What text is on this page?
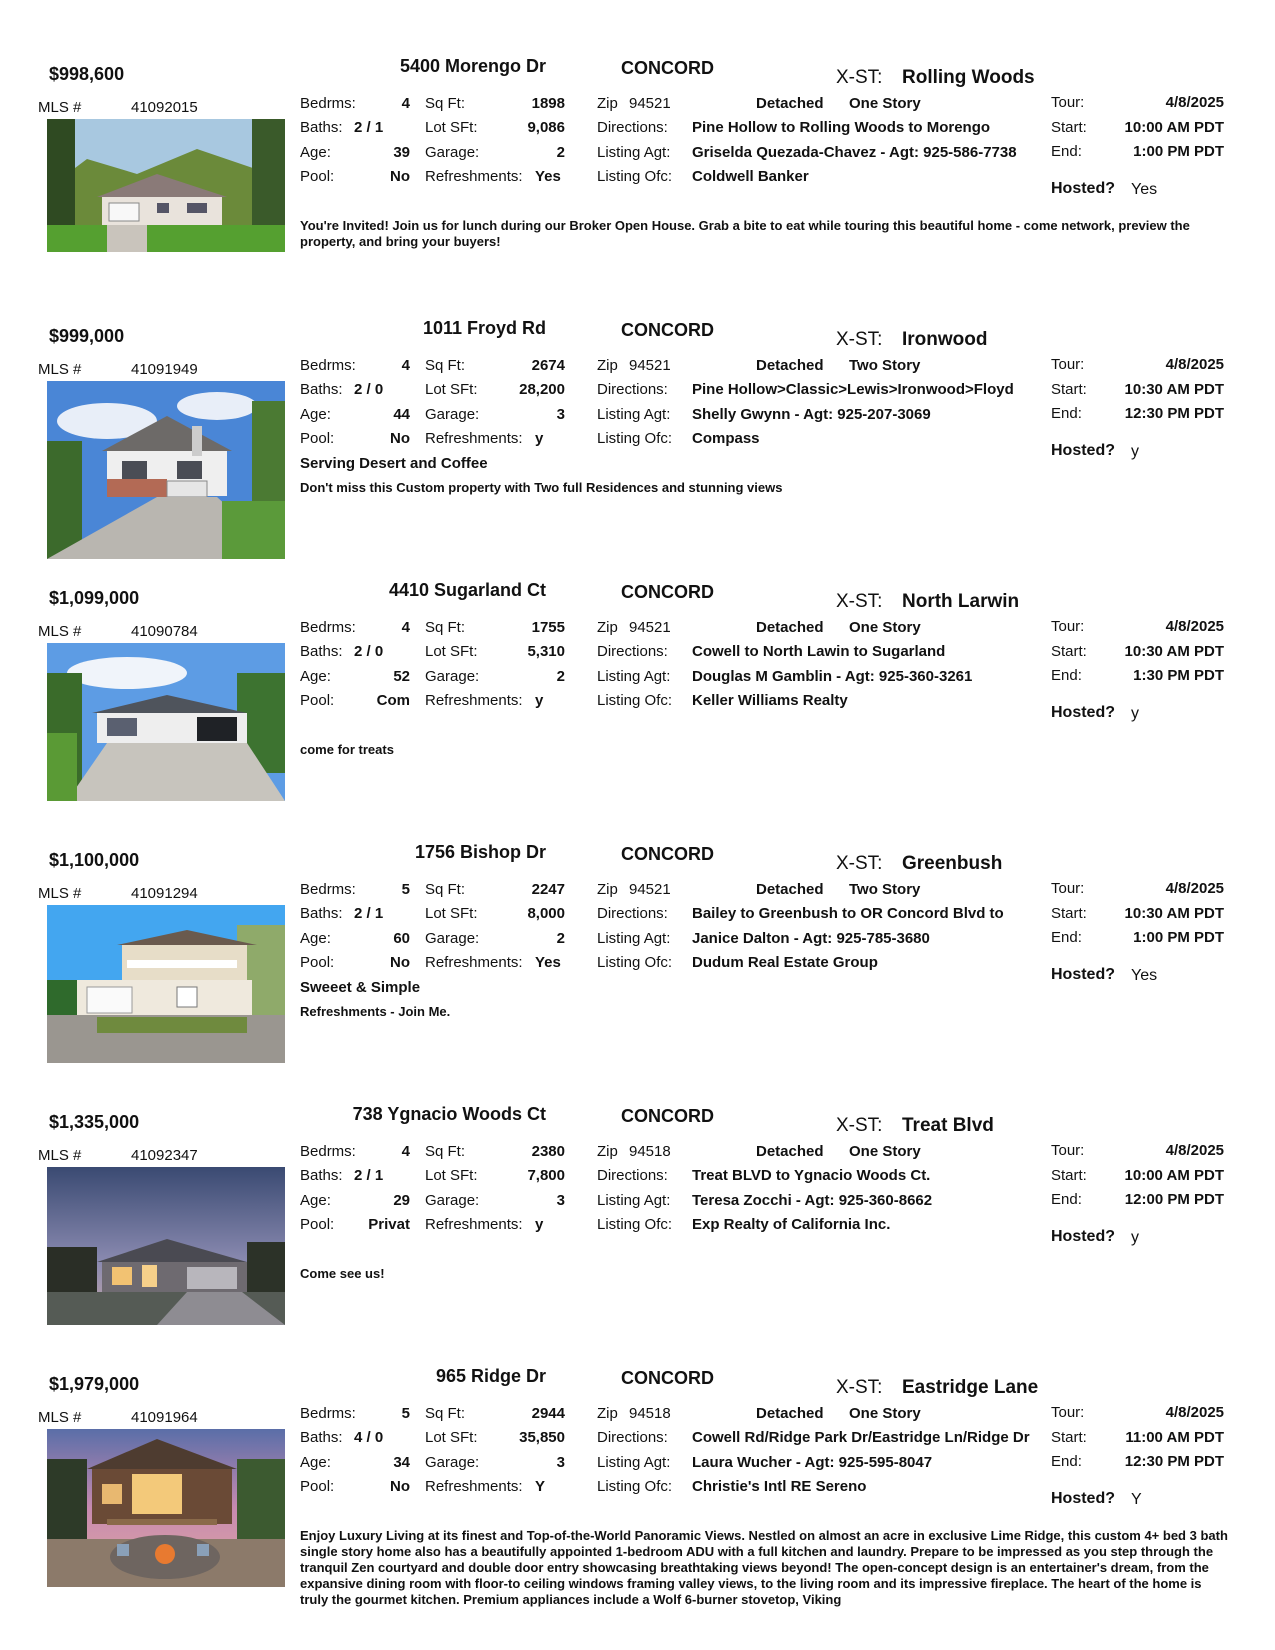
$998,600	5400 Morengo Dr	CONCORD	X-ST: Rolling Woods
MLS #	41092015	Bedrms:	4
Baths: 2 / 1
Age:	39
Pool:	No
Sq Ft:	1898
Lot SFt:	9,086
Garage:	2
Refreshments: Yes
Zip 94521	Detached One Story
Directions: Pine Hollow to Rolling Woods to Morengo
Listing Agt: Griselda Quezada-Chavez - Agt: 925-586-7738
Listing Ofc: Coldwell Banker
Tour:	4/8/2025
Start:	10:00 AM PDT
End:	1:00 PM PDT
Hosted? Yes
You're Invited! Join us for lunch during our Broker Open House. Grab a bite to eat while touring this beautiful home - come network, preview the property, and bring your buyers!
$999,000	1011 Froyd Rd	CONCORD	X-ST: Ironwood
MLS #	41091949	Bedrms:	4
Baths: 2 / 0
Age:	44
Pool:	No
Sq Ft:	2674
Lot SFt:	28,200
Garage:	3
Refreshments: y
Zip 94521	Detached Two Story
Directions: Pine Hollow>Classic>Lewis>Ironwood>Floyd
Listing Agt: Shelly Gwynn - Agt: 925-207-3069
Listing Ofc: Compass
Tour:	4/8/2025
Start:	10:30 AM PDT
End:	12:30 PM PDT
Hosted? y
Serving Desert and Coffee
Don't miss this Custom property with Two full Residences and stunning views
$1,099,000	4410 Sugarland Ct	CONCORD	X-ST: North Larwin
MLS #	41090784	Bedrms:	4
Baths: 2 / 0
Age:	52
Pool:	Com
Sq Ft:	1755
Lot SFt:	5,310
Garage:	2
Refreshments: y
Zip 94521	Detached One Story
Directions: Cowell to North Lawin to Sugarland
Listing Agt: Douglas M Gamblin - Agt: 925-360-3261
Listing Ofc: Keller Williams Realty
Tour:	4/8/2025
Start:	10:30 AM PDT
End:	1:30 PM PDT
Hosted? y
come for treats
$1,100,000	1756 Bishop Dr	CONCORD	X-ST: Greenbush
MLS #	41091294	Bedrms:	5
Baths: 2 / 1
Age:	60
Pool:	No
Sq Ft:	2247
Lot SFt:	8,000
Garage:	2
Refreshments: Yes
Zip 94521	Detached Two Story
Directions: Bailey to Greenbush to OR Concord Blvd to
Listing Agt: Janice Dalton - Agt: 925-785-3680
Listing Ofc: Dudum Real Estate Group
Tour:	4/8/2025
Start:	10:30 AM PDT
End:	1:00 PM PDT
Hosted? Yes
Sweeet & Simple
Refreshments - Join Me.
$1,335,000	738 Ygnacio Woods Ct	CONCORD	X-ST: Treat Blvd
MLS #	41092347	Bedrms:	4
Baths: 2 / 1
Age:	29
Pool:	Privat
Sq Ft:	2380
Lot SFt:	7,800
Garage:	3
Refreshments: y
Zip 94518	Detached One Story
Directions: Treat BLVD to Ygnacio Woods Ct.
Listing Agt: Teresa Zocchi - Agt: 925-360-8662
Listing Ofc: Exp Realty of California Inc.
Tour:	4/8/2025
Start:	10:00 AM PDT
End:	12:00 PM PDT
Hosted? y
Come see us!
$1,979,000	965 Ridge Dr	CONCORD	X-ST: Eastridge Lane
MLS #	41091964	Bedrms:	5
Baths: 4 / 0
Age:	34
Pool:	No
Sq Ft:	2944
Lot SFt:	35,850
Garage:	3
Refreshments: Y
Zip 94518	Detached One Story
Directions: Cowell Rd/Ridge Park Dr/Eastridge Ln/Ridge Dr
Listing Agt: Laura Wucher - Agt: 925-595-8047
Listing Ofc: Christie's Intl RE Sereno
Tour:	4/8/2025
Start:	11:00 AM PDT
End:	12:30 PM PDT
Hosted? Y
Enjoy Luxury Living at its finest and Top-of-the-World Panoramic Views. Nestled on almost an acre in exclusive Lime Ridge, this custom 4+ bed 3 bath single story home also has a beautifully appointed 1-bedroom ADU with a full kitchen and laundry. Prepare to be impressed as you step through the tranquil Zen courtyard and double door entry showcasing breathtaking views beyond! The open-concept design is an entertainer's dream, from the expansive dining room with floor-to ceiling windows framing valley views, to the living room and its impressive fireplace. The heart of the home is truly the gourmet kitchen. Premium appliances include a Wolf 6-burner stovetop, Viking
